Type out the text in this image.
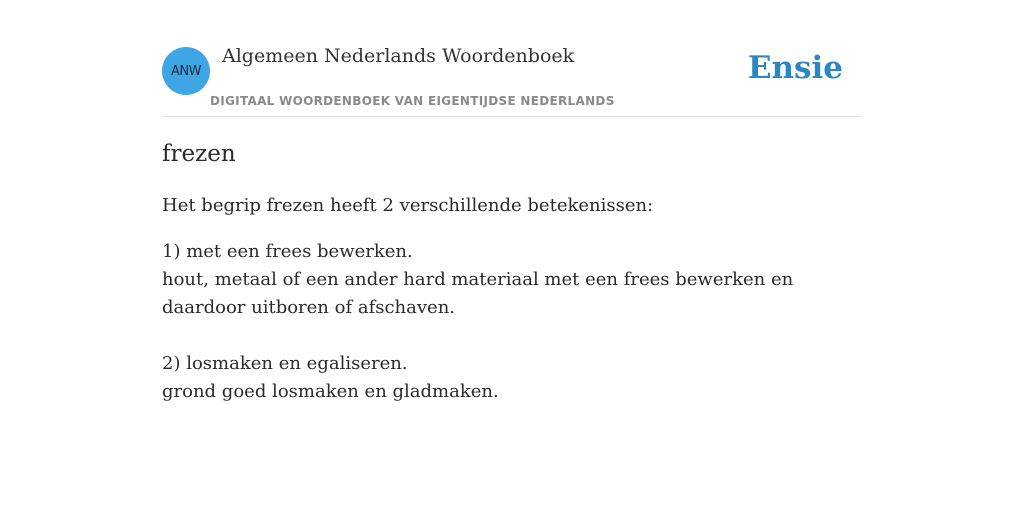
ANW
Algemeen Nederlands Woordenboek
DIGITAAL WOORDENBOEK VAN EIGENTIJDSE NEDERLANDS
Ensie
frezen
Het begrip frezen heeft 2 verschillende betekenissen:
1) met een frees bewerken.
hout, metaal of een ander hard materiaal met een frees bewerken en daardoor uitboren of afschaven.
2) losmaken en egaliseren.
grond goed losmaken en gladmaken.
